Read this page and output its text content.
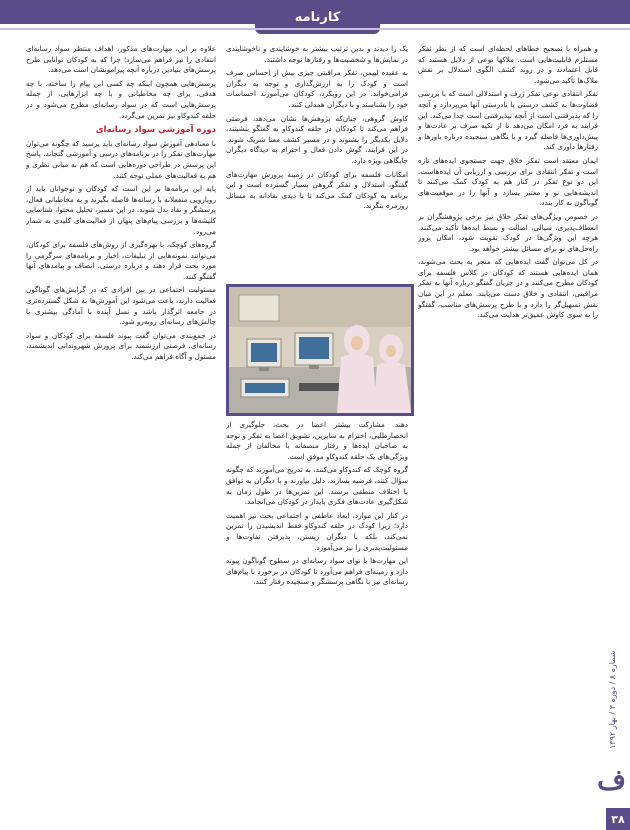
کارنامه
شماره ۸ / دوره ۳ / بهار ۱۳۹۲
ف
۳۸

و همراه با تصحیح خطاهای لحظه‌ای است که از نظر تفکر مستلزم قابلیت‌هایی است. ملاکها نوعی از دلایل هستند که قابل اعتمادند و در روند کشف الگوی استدلال بر نقش ملاک‌ها تأکید می‌شود.

تفکر انتقادی نوعی تفکر ژرف و استدلالی است که با بررسی قضاوت‌ها به کشف درستی یا نادرستی آنها می‌پردازد و آنچه را که پذیرفتنی است از آنچه نپذیرفتنی است جدا می‌کند. این فرایند به فرد امکان می‌دهد تا از تکیه صرف بر عادت‌ها و پیش‌داوری‌ها فاصله گیرد و با نگاهی سنجیده درباره باورها و رفتارها داوری کند.

ایمان معتقد است تفکر خلاق جهت جستجوی ایده‌های تازه است و تفکر انتقادی برای بررسی و ارزیابی آن ایده‌هاست. این دو نوع تفکر در کنار هم به کودک کمک می‌کنند تا اندیشه‌هایی نو و معتبر بسازد و آنها را در موقعیت‌های گوناگون به کار بندد.

در خصوص ویژگی‌های تفکر خلاق نیز برخی پژوهشگران بر انعطاف‌پذیری، سیالی، اصالت و بسط ایده‌ها تأکید می‌کنند. هرچه این ویژگی‌ها در کودک تقویت شود، امکان بروز راه‌حل‌های نو برای مسائل بیشتر خواهد بود.

در کل می‌توان گفت ایده‌هایی که منجر به بحث می‌شوند، همان ایده‌هایی هستند که کودکان در کلاس فلسفه برای کودکان مطرح می‌کنند و در جریان گفتگو درباره آنها به تفکر مراقبتی، انتقادی و خلاق دست می‌یابند. معلم در این میان نقش تسهیل‌گر را دارد و با طرح پرسش‌های مناسب، گفتگو را به سوی کاوش عمیق‌تر هدایت می‌کند.

یک را دیدند و بدین ترتیب بیشتر به خوشایندی و ناخوشایندی در نمایش‌ها و شخصیت‌ها و رفتارها توجه داشتند.

به عقیده لیپمن، تفکر مراقبتی چیزی بیش از احساس صرف است و کودک را به ارزش‌گذاری و توجه به دیگران فرامی‌خواند. در این رویکرد، کودکان می‌آموزند احساسات خود را بشناسند و با دیگران همدلی کنند.

کاوش گروهی، چنان‌که پژوهش‌ها نشان می‌دهد، فرصتی فراهم می‌کند تا کودکان در حلقه کندوکاو به گفتگو بنشینند، دلایل یکدیگر را بشنوند و در مسیر کشف معنا شریک شوند. در این فرایند، گوش دادن فعال و احترام به دیدگاه دیگران جایگاهی ویژه دارد.

امکانات فلسفه برای کودکان در زمینه پرورش مهارت‌های گفتگو، استدلال و تفکر گروهی بسیار گسترده است و این برنامه به کودکان کمک می‌کند تا با دیدی نقادانه به مسائل روزمره بنگرند.

دهند. مشارکت بیشتر اعضا در بحث، جلوگیری از انحصارطلبی، احترام به سایرین، تشویق اعضا به تفکر و توجه به صاحبان ایده‌ها و رفتار منصفانه با مخالفان از جمله ویژگی‌های یک حلقه کندوکاو موفق است.

گروه کوچک که کندوکاو می‌کنند، به تدریج می‌آموزند که چگونه سؤال کنند، فرضیه بسازند، دلیل بیاورند و با دیگران به توافق یا اختلاف منطقی برسند. این تمرین‌ها در طول زمان به شکل‌گیری عادت‌های فکری پایدار در کودکان می‌انجامد.

در کنار این موارد، ابعاد عاطفی و اجتماعی بحث نیز اهمیت دارد؛ زیرا کودک در حلقه کندوکاو فقط اندیشیدن را تمرین نمی‌کند، بلکه با دیگران زیستن، پذیرفتن تفاوت‌ها و مسئولیت‌پذیری را نیز می‌آموزد.

این مهارت‌ها با نوای سواد رسانه‌ای در سطوح گوناگون پیوند دارد و زمینه‌ای فراهم می‌آورد تا کودکان در برخورد با پیام‌های رسانه‌ای نیز با نگاهی پرسشگر و سنجیده رفتار کنند.

علاوه بر این، مهارت‌های مذکور، اهداف منتظر سواد رسانه‌ای انتقادی را نیز فراهم می‌سازد؛ چرا که به کودکان توانایی طرح پرسش‌های بنیادین درباره آنچه پیرامونشان است می‌دهد.

پرسش‌هایی همچون اینکه چه کسی این پیام را ساخته، با چه هدفی، برای چه مخاطبانی و با چه ابزارهایی، از جمله پرسش‌هایی است که در سواد رسانه‌ای مطرح می‌شود و در حلقه کندوکاو نیز تمرین می‌گردد.

دوره آموزشی سواد رسانه‌ای

با معنادهی آموزش سواد رسانه‌ای باید پرسید که چگونه می‌توان مهارت‌های تفکر را در برنامه‌های درسی و آموزشی گنجاند. پاسخ این پرسش در طراحی دوره‌هایی است که هم به مبانی نظری و هم به فعالیت‌های عملی توجه کنند.

پایه این برنامه‌ها بر این است که کودکان و نوجوانان باید از رویارویی منفعلانه با رسانه‌ها فاصله بگیرند و به مخاطبانی فعال، پرسشگر و نقاد بدل شوند. در این مسیر، تحلیل محتوا، شناسایی کلیشه‌ها و بررسی پیام‌های پنهان از فعالیت‌های کلیدی به شمار می‌رود.

گروه‌های کوچک، با بهره‌گیری از روش‌های فلسفه برای کودکان، می‌توانند نمونه‌هایی از تبلیغات، اخبار و برنامه‌های سرگرمی را مورد بحث قرار دهند و درباره درستی، انصاف و پیامدهای آنها گفتگو کنند.

مسئولیت اجتماعی در بین افرادی که در گرایش‌های گوناگون فعالیت دارند، باعث می‌شود این آموزش‌ها به شکل گسترده‌تری در جامعه اثرگذار باشد و نسل آینده با آمادگی بیشتری با چالش‌های رسانه‌ای روبه‌رو شود.

در جمع‌بندی می‌توان گفت پیوند فلسفه برای کودکان و سواد رسانه‌ای، فرصتی ارزشمند برای پرورش شهروندانی اندیشمند، مسئول و آگاه فراهم می‌کند.
